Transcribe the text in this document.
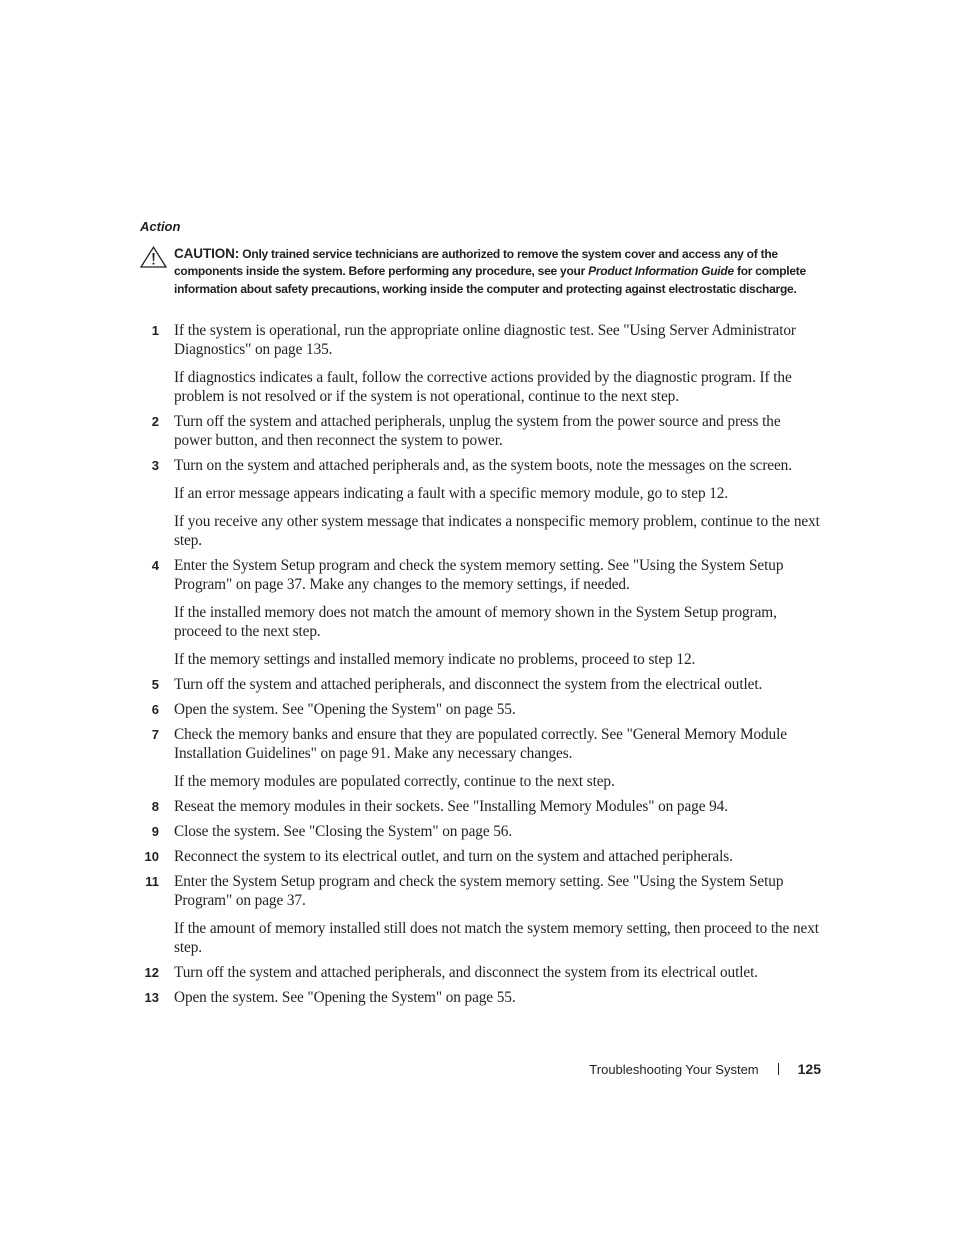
Action
CAUTION: Only trained service technicians are authorized to remove the system cover and access any of the components inside the system. Before performing any procedure, see your Product Information Guide for complete information about safety precautions, working inside the computer and protecting against electrostatic discharge.
1 If the system is operational, run the appropriate online diagnostic test. See "Using Server Administrator Diagnostics" on page 135.

If diagnostics indicates a fault, follow the corrective actions provided by the diagnostic program. If the problem is not resolved or if the system is not operational, continue to the next step.

2 Turn off the system and attached peripherals, unplug the system from the power source and press the power button, and then reconnect the system to power.

3 Turn on the system and attached peripherals and, as the system boots, note the messages on the screen.

If an error message appears indicating a fault with a specific memory module, go to step 12.

If you receive any other system message that indicates a nonspecific memory problem, continue to the next step.

4 Enter the System Setup program and check the system memory setting. See "Using the System Setup Program" on page 37. Make any changes to the memory settings, if needed.

If the installed memory does not match the amount of memory shown in the System Setup program, proceed to the next step.

If the memory settings and installed memory indicate no problems, proceed to step 12.

5 Turn off the system and attached peripherals, and disconnect the system from the electrical outlet.

6 Open the system. See "Opening the System" on page 55.

7 Check the memory banks and ensure that they are populated correctly. See "General Memory Module Installation Guidelines" on page 91. Make any necessary changes.

If the memory modules are populated correctly, continue to the next step.

8 Reseat the memory modules in their sockets. See "Installing Memory Modules" on page 94.

9 Close the system. See "Closing the System" on page 56.

10 Reconnect the system to its electrical outlet, and turn on the system and attached peripherals.

11 Enter the System Setup program and check the system memory setting. See "Using the System Setup Program" on page 37.

If the amount of memory installed still does not match the system memory setting, then proceed to the next step.

12 Turn off the system and attached peripherals, and disconnect the system from its electrical outlet.

13 Open the system. See "Opening the System" on page 55.

Troubleshooting Your System	125
